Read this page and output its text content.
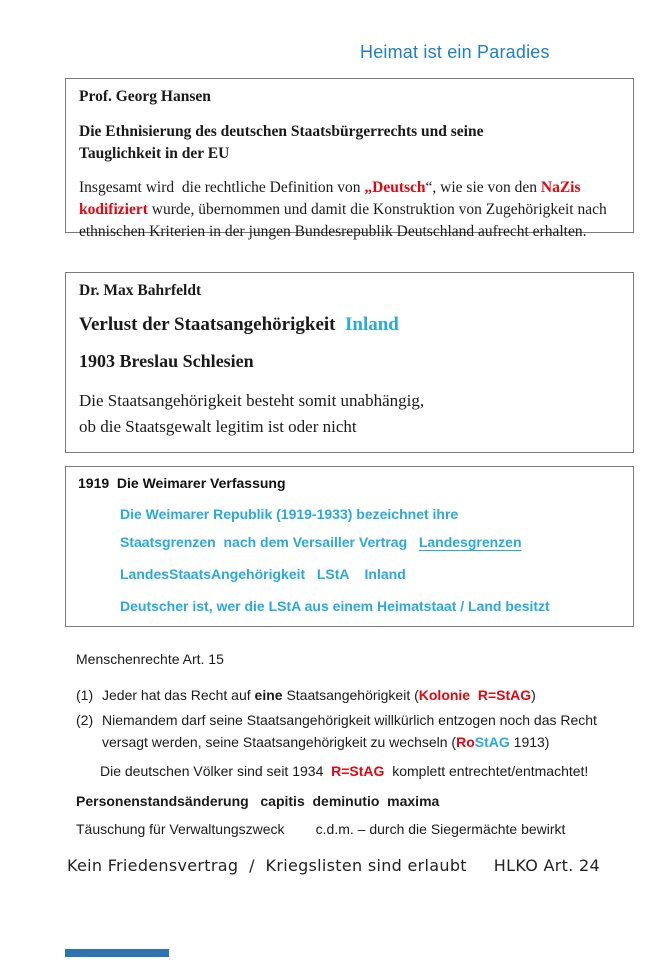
Heimat ist ein Paradies
Prof. Georg Hansen
Die Ethnisierung des deutschen Staatsbürgerrechts und seine
Tauglichkeit in der EU
Insgesamt wird  die rechtliche Definition von „Deutsch“, wie sie von den NaZis kodifiziert wurde, übernommen und damit die Konstruktion von Zugehörigkeit nach ethnischen Kriterien in der jungen Bundesrepublik Deutschland aufrecht erhalten.
Dr. Max Bahrfeldt
Verlust der Staatsangehörigkeit  Inland
1903 Breslau Schlesien
Die Staatsangehörigkeit besteht somit unabhängig,
ob die Staatsgewalt legitim ist oder nicht
1919  Die Weimarer Verfassung
Die Weimarer Republik (1919-1933) bezeichnet ihre
Staatsgrenzen  nach dem Versailler Vertrag   Landesgrenzen
LandesStaatsAngehörigkeit   LStA    Inland
Deutscher ist, wer die LStA aus einem Heimatstaat / Land besitzt
Menschenrechte Art. 15
(1) Jeder hat das Recht auf eine Staatsangehörigkeit (Kolonie  R=StAG)
(2) Niemandem darf seine Staatsangehörigkeit willkürlich entzogen noch das Recht
versagt werden, seine Staatsangehörigkeit zu wechseln (RoStAG 1913)
Die deutschen Völker sind seit 1934  R=StAG  komplett entrechtet/entmachtet!
Personenstandsänderung   capitis  deminutio  maxima
Täuschung für Verwaltungszweck        c.d.m. – durch die Siegermächte bewirkt
Kein Friedensvertrag  /  Kriegslisten sind erlaubt     HLKO Art. 24
